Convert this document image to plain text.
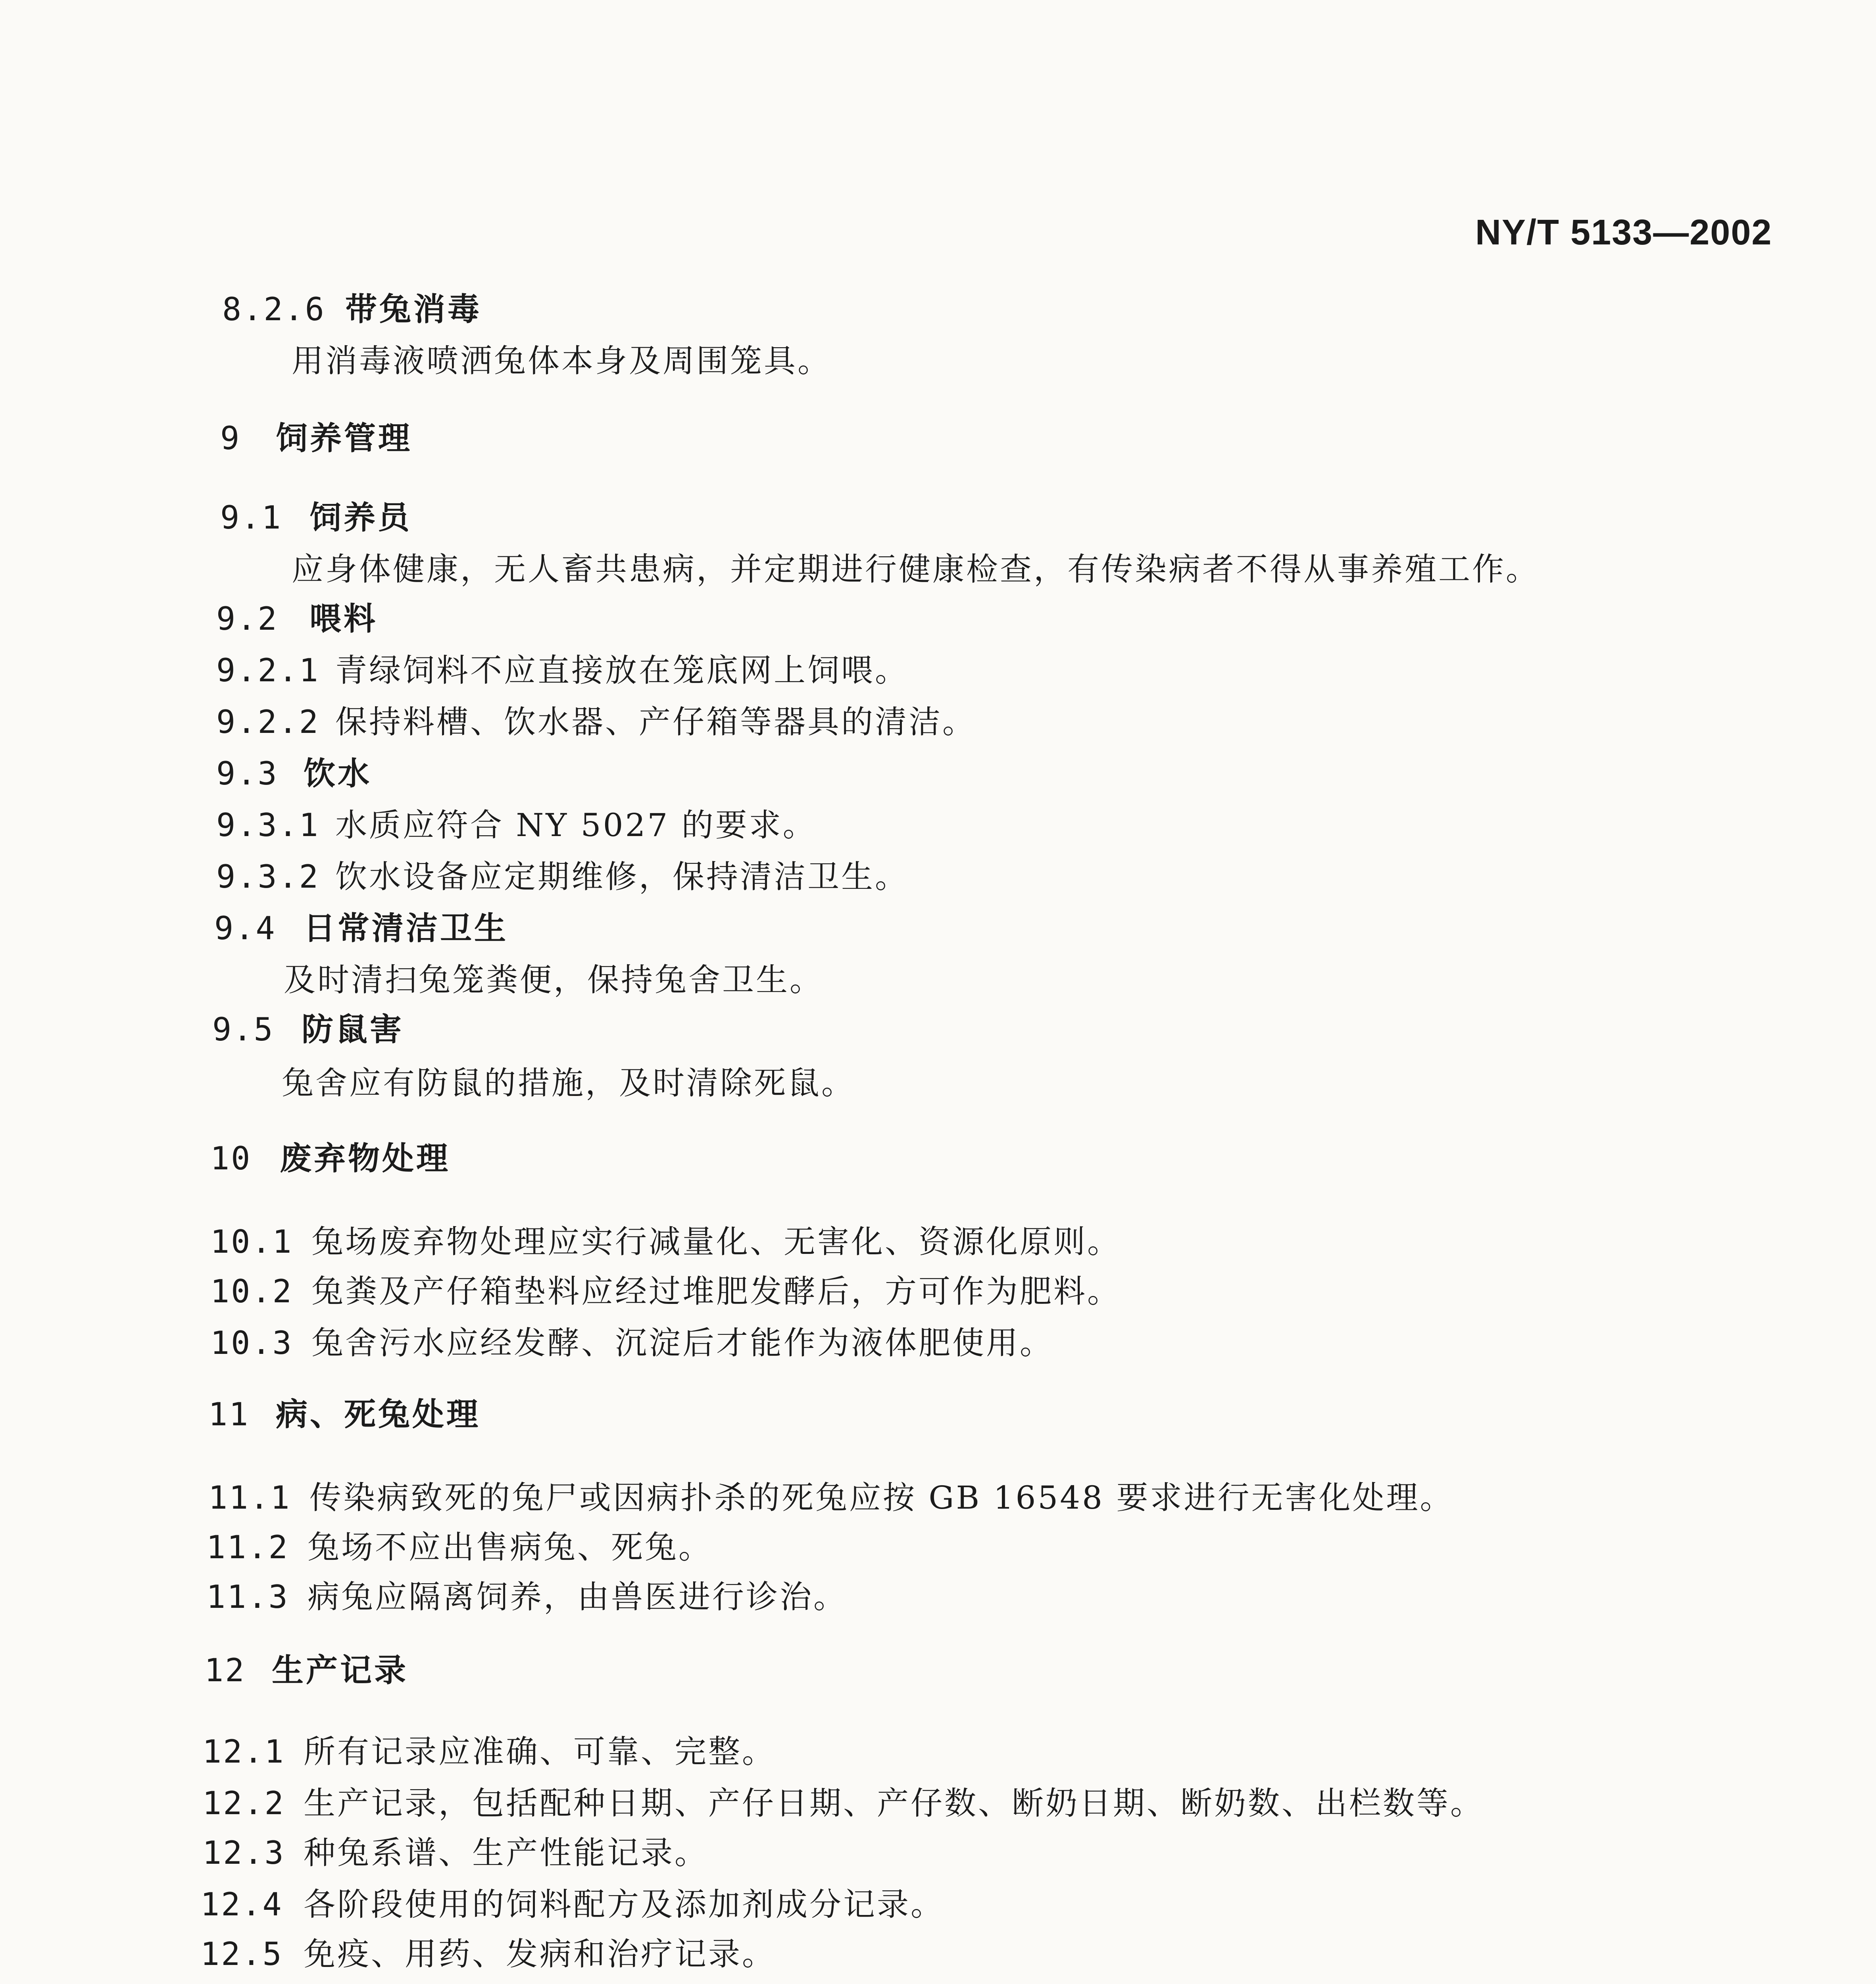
NY/T 5133—2002
8.2.6 带兔消毒
用消毒液喷洒兔体本身及周围笼具。
9 饲养管理
9.1 饲养员
应身体健康，无人畜共患病，并定期进行健康检查，有传染病者不得从事养殖工作。
9.2 喂料
9.2.1 青绿饲料不应直接放在笼底网上饲喂。
9.2.2 保持料槽、饮水器、产仔箱等器具的清洁。
9.3 饮水
9.3.1 水质应符合 NY 5027 的要求。
9.3.2 饮水设备应定期维修，保持清洁卫生。
9.4 日常清洁卫生
及时清扫兔笼粪便，保持兔舍卫生。
9.5 防鼠害
兔舍应有防鼠的措施，及时清除死鼠。
10 废弃物处理
10.1 兔场废弃物处理应实行减量化、无害化、资源化原则。
10.2 兔粪及产仔箱垫料应经过堆肥发酵后，方可作为肥料。
10.3 兔舍污水应经发酵、沉淀后才能作为液体肥使用。
11 病、死兔处理
11.1 传染病致死的兔尸或因病扑杀的死兔应按 GB 16548 要求进行无害化处理。
11.2 兔场不应出售病兔、死兔。
11.3 病兔应隔离饲养，由兽医进行诊治。
12 生产记录
12.1 所有记录应准确、可靠、完整。
12.2 生产记录，包括配种日期、产仔日期、产仔数、断奶日期、断奶数、出栏数等。
12.3 种兔系谱、生产性能记录。
12.4 各阶段使用的饲料配方及添加剂成分记录。
12.5 免疫、用药、发病和治疗记录。
